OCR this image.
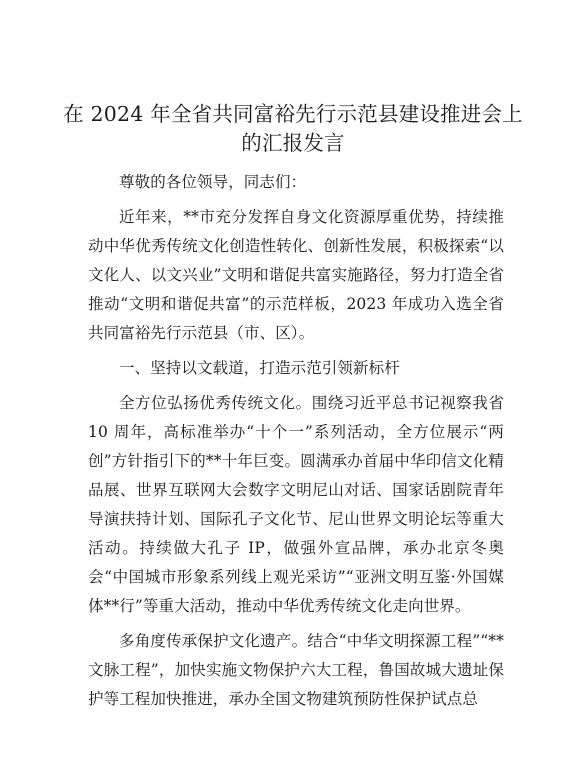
在 2024 年全省共同富裕先行示范县建设推进会上的汇报发言

尊敬的各位领导，同志们：

近年来，**市充分发挥自身文化资源厚重优势，持续推动中华优秀传统文化创造性转化、创新性发展，积极探索“以文化人、以文兴业”文明和谐促共富实施路径，努力打造全省推动“文明和谐促共富”的示范样板，2023 年成功入选全省共同富裕先行示范县（市、区）。

一、坚持以文载道，打造示范引领新标杆

全方位弘扬优秀传统文化。围绕习近平总书记视察我省 10 周年，高标准举办“十个一”系列活动，全方位展示“两创”方针指引下的**十年巨变。圆满承办首届中华印信文化精品展、世界互联网大会数字文明尼山对话、国家话剧院青年导演扶持计划、国际孔子文化节、尼山世界文明论坛等重大活动。持续做大孔子 IP，做强外宣品牌，承办北京冬奥会“中国城市形象系列线上观光采访”“亚洲文明互鉴·外国媒体**行”等重大活动，推动中华优秀传统文化走向世界。

多角度传承保护文化遗产。结合“中华文明探源工程”“**文脉工程”，加快实施文物保护六大工程，鲁国故城大遗址保护等工程加快推进，承办全国文物建筑预防性保护试点总
